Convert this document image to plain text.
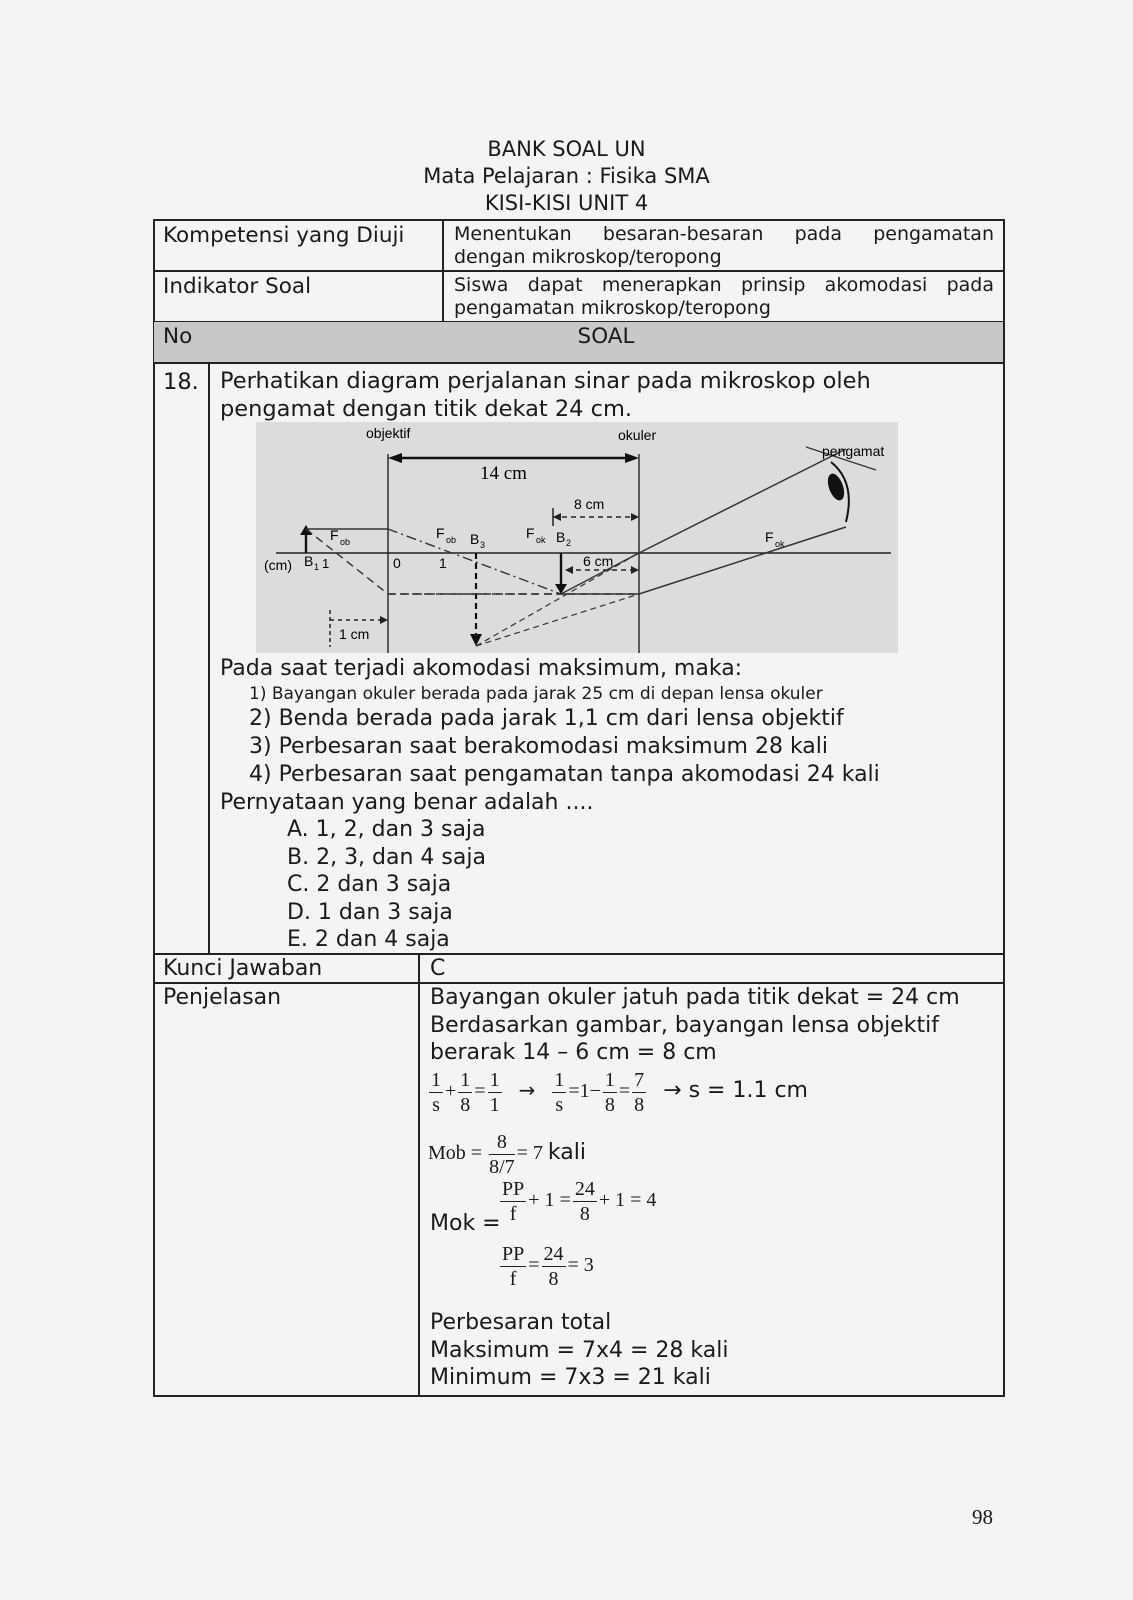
BANK SOAL UN
Mata Pelajaran : Fisika SMA
KISI-KISI UNIT 4
Kompetensi yang Diuji	Menentukan besaran-besaran pada pengamatan
dengan mikroskop/teropong
Indikator Soal	Siswa dapat menerapkan prinsip akomodasi pada
pengamatan mikroskop/teropong
No	SOAL
18. Perhatikan diagram perjalanan sinar pada mikroskop oleh
pengamat dengan titik dekat 24 cm.
objektif	okuler
pengamat
14 cm
8 cm
6 cm
1 cm
(cm)	0	1
1
B 1
B 2
B 3
F ob
F ob	F ok	F ok
Pada saat terjadi akomodasi maksimum, maka:
1) Bayangan okuler berada pada jarak 25 cm di depan lensa okuler
2) Benda berada pada jarak 1,1 cm dari lensa objektif
3) Perbesaran saat berakomodasi maksimum 28 kali
4) Perbesaran saat pengamatan tanpa akomodasi 24 kali
Pernyataan yang benar adalah ....
A. 1, 2, dan 3 saja
B. 2, 3, dan 4 saja
C. 2 dan 3 saja
D. 1 dan 3 saja
E. 2 dan 4 saja
Kunci Jawaban	C
Penjelasan	Bayangan okuler jatuh pada titik dekat = 24 cm
Berdasarkan gambar, bayangan lensa objektif
berarak 14 – 6 cm = 8 cm
$\frac{1}{s} + \frac{1}{8} = \frac{1}{1} \to \frac{1}{s} =1- \frac{1}{8} = \frac{7}{8} \to s = 1.1$ cm
Mob = $\frac{8}{8/7} = 7$ kali
Mok = $\frac{PP}{f} + 1 = \frac{24}{8} + 1 = 4$
$\frac{PP}{f} = \frac{24}{8} = 3$
Perbesaran total
Maksimum = 7x4 = 28 kali
Minimum = 7x3 = 21 kali
98
